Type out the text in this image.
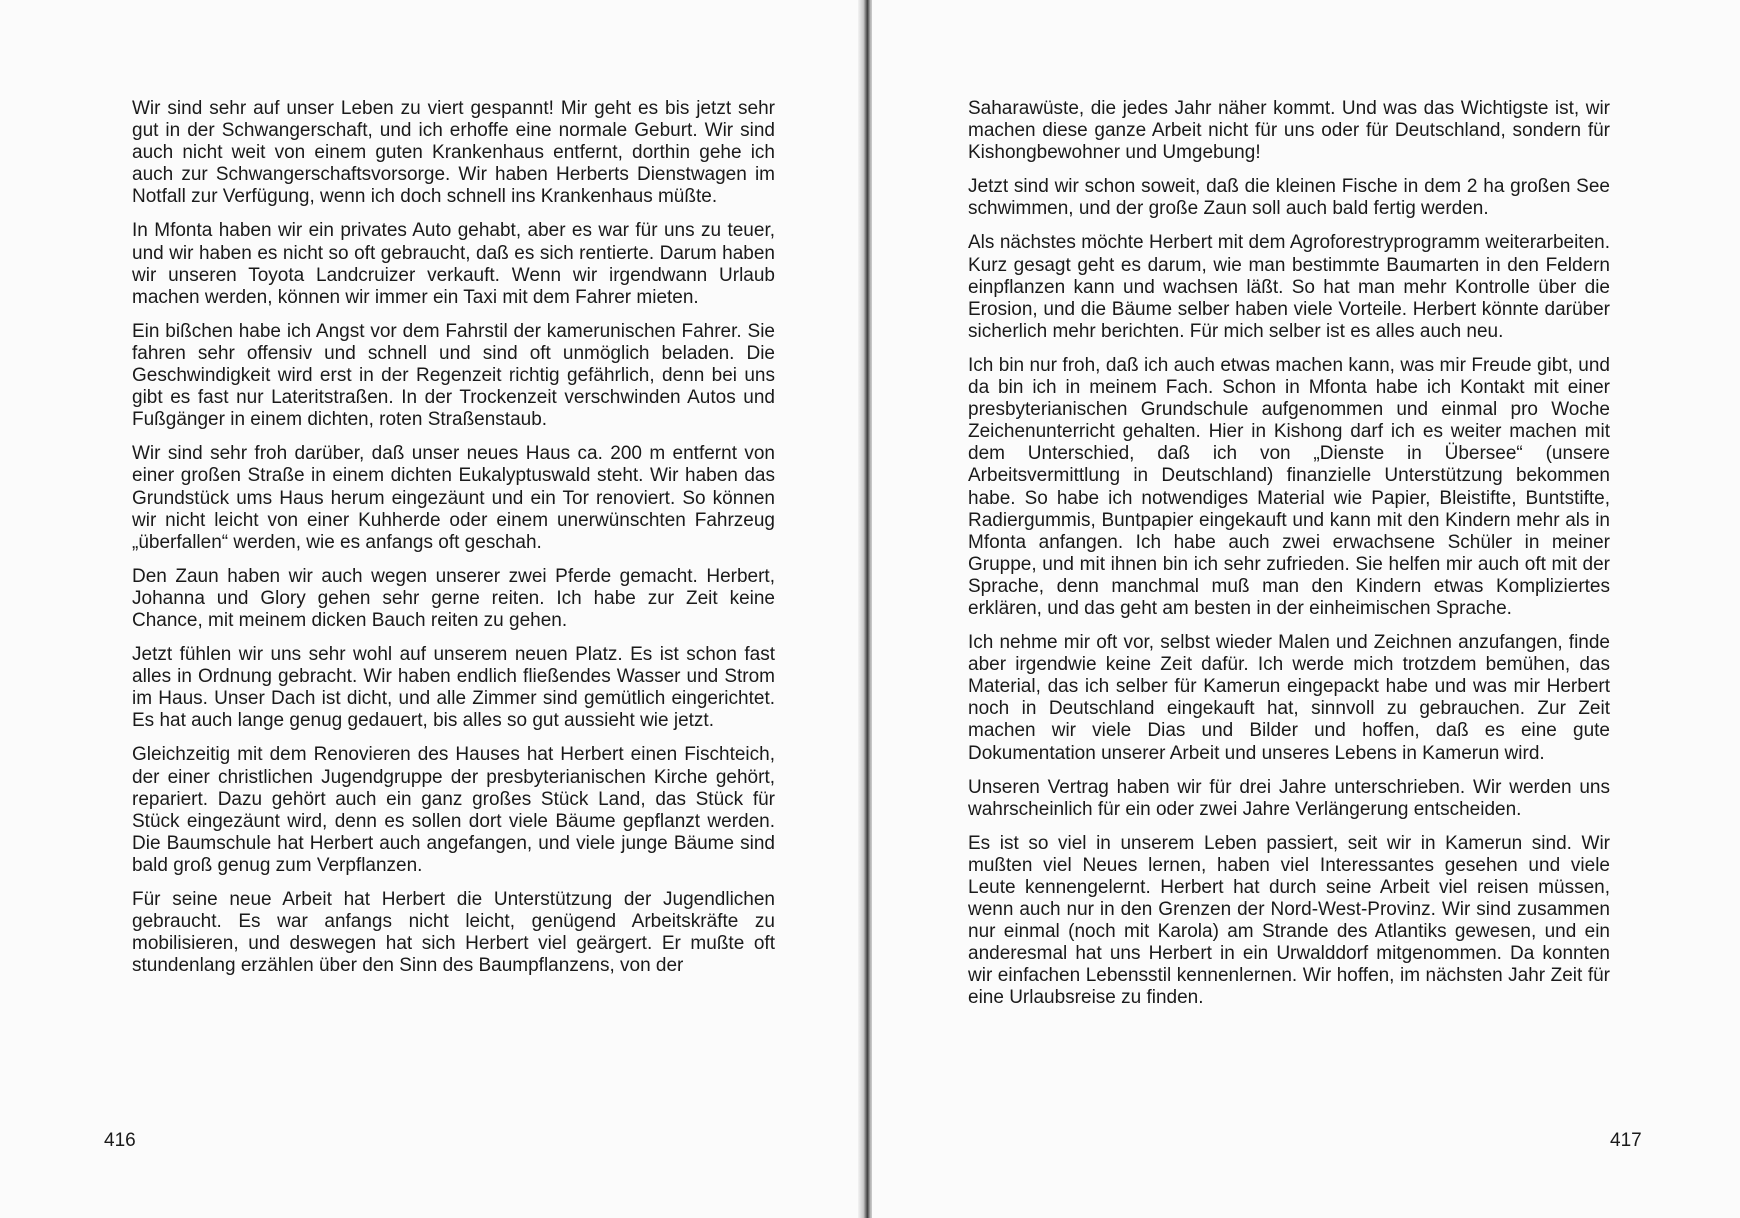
Wir sind sehr auf unser Leben zu viert gespannt! Mir geht es bis jetzt sehr gut in der Schwangerschaft, und ich erhoffe eine normale Geburt. Wir sind auch nicht weit von einem guten Krankenhaus entfernt, dorthin gehe ich auch zur Schwangerschaftsvorsorge. Wir haben Herberts Dienstwagen im Notfall zur Verfügung, wenn ich doch schnell ins Krankenhaus müßte.

In Mfonta haben wir ein privates Auto gehabt, aber es war für uns zu teuer, und wir haben es nicht so oft gebraucht, daß es sich rentierte. Darum haben wir unseren Toyota Landcruizer verkauft. Wenn wir irgendwann Urlaub machen werden, können wir immer ein Taxi mit dem Fahrer mieten.

Ein bißchen habe ich Angst vor dem Fahrstil der kamerunischen Fahrer. Sie fahren sehr offensiv und schnell und sind oft unmöglich beladen. Die Geschwindigkeit wird erst in der Regenzeit richtig gefährlich, denn bei uns gibt es fast nur Lateritstraßen. In der Trockenzeit verschwinden Autos und Fußgänger in einem dichten, roten Straßenstaub.

Wir sind sehr froh darüber, daß unser neues Haus ca. 200 m entfernt von einer großen Straße in einem dichten Eukalyptuswald steht. Wir haben das Grundstück ums Haus herum eingezäunt und ein Tor renoviert. So können wir nicht leicht von einer Kuhherde oder einem unerwünschten Fahrzeug „überfallen“ werden, wie es anfangs oft geschah.

Den Zaun haben wir auch wegen unserer zwei Pferde gemacht. Herbert, Johanna und Glory gehen sehr gerne reiten. Ich habe zur Zeit keine Chance, mit meinem dicken Bauch reiten zu gehen.

Jetzt fühlen wir uns sehr wohl auf unserem neuen Platz. Es ist schon fast alles in Ordnung gebracht. Wir haben endlich fließendes Wasser und Strom im Haus. Unser Dach ist dicht, und alle Zimmer sind gemütlich eingerichtet. Es hat auch lange genug gedauert, bis alles so gut aussieht wie jetzt.

Gleichzeitig mit dem Renovieren des Hauses hat Herbert einen Fischteich, der einer christlichen Jugendgruppe der presbyterianischen Kirche gehört, repariert. Dazu gehört auch ein ganz großes Stück Land, das Stück für Stück eingezäunt wird, denn es sollen dort viele Bäume gepflanzt werden. Die Baumschule hat Herbert auch angefangen, und viele junge Bäume sind bald groß genug zum Verpflanzen.

Für seine neue Arbeit hat Herbert die Unterstützung der Jugendlichen gebraucht. Es war anfangs nicht leicht, genügend Arbeitskräfte zu mobilisieren, und deswegen hat sich Herbert viel geärgert. Er mußte oft stundenlang erzählen über den Sinn des Baumpflanzens, von der

416

Saharawüste, die jedes Jahr näher kommt. Und was das Wichtigste ist, wir machen diese ganze Arbeit nicht für uns oder für Deutschland, sondern für Kishongbewohner und Umgebung!

Jetzt sind wir schon soweit, daß die kleinen Fische in dem 2 ha großen See schwimmen, und der große Zaun soll auch bald fertig werden.

Als nächstes möchte Herbert mit dem Agroforestryprogramm weiterarbeiten. Kurz gesagt geht es darum, wie man bestimmte Baumarten in den Feldern einpflanzen kann und wachsen läßt. So hat man mehr Kontrolle über die Erosion, und die Bäume selber haben viele Vorteile. Herbert könnte darüber sicherlich mehr berichten. Für mich selber ist es alles auch neu.

Ich bin nur froh, daß ich auch etwas machen kann, was mir Freude gibt, und da bin ich in meinem Fach. Schon in Mfonta habe ich Kontakt mit einer presbyterianischen Grundschule aufgenommen und einmal pro Woche Zeichenunterricht gehalten. Hier in Kishong darf ich es weiter machen mit dem Unterschied, daß ich von „Dienste in Übersee“ (unsere Arbeitsvermittlung in Deutschland) finanzielle Unterstützung bekommen habe. So habe ich notwendiges Material wie Papier, Bleistifte, Buntstifte, Radiergummis, Buntpapier eingekauft und kann mit den Kindern mehr als in Mfonta anfangen. Ich habe auch zwei erwachsene Schüler in meiner Gruppe, und mit ihnen bin ich sehr zufrieden. Sie helfen mir auch oft mit der Sprache, denn manchmal muß man den Kindern etwas Kompliziertes erklären, und das geht am besten in der einheimischen Sprache.

Ich nehme mir oft vor, selbst wieder Malen und Zeichnen anzufangen, finde aber irgendwie keine Zeit dafür. Ich werde mich trotzdem bemühen, das Material, das ich selber für Kamerun eingepackt habe und was mir Herbert noch in Deutschland eingekauft hat, sinnvoll zu gebrauchen. Zur Zeit machen wir viele Dias und Bilder und hoffen, daß es eine gute Dokumentation unserer Arbeit und unseres Lebens in Kamerun wird.

Unseren Vertrag haben wir für drei Jahre unterschrieben. Wir werden uns wahrscheinlich für ein oder zwei Jahre Verlängerung entscheiden.

Es ist so viel in unserem Leben passiert, seit wir in Kamerun sind. Wir mußten viel Neues lernen, haben viel Interessantes gesehen und viele Leute kennengelernt. Herbert hat durch seine Arbeit viel reisen müssen, wenn auch nur in den Grenzen der Nord-West-Provinz. Wir sind zusammen nur einmal (noch mit Karola) am Strande des Atlantiks gewesen, und ein anderesmal hat uns Herbert in ein Urwalddorf mitgenommen. Da konnten wir einfachen Lebensstil kennenlernen. Wir hoffen, im nächsten Jahr Zeit für eine Urlaubsreise zu finden.

417
